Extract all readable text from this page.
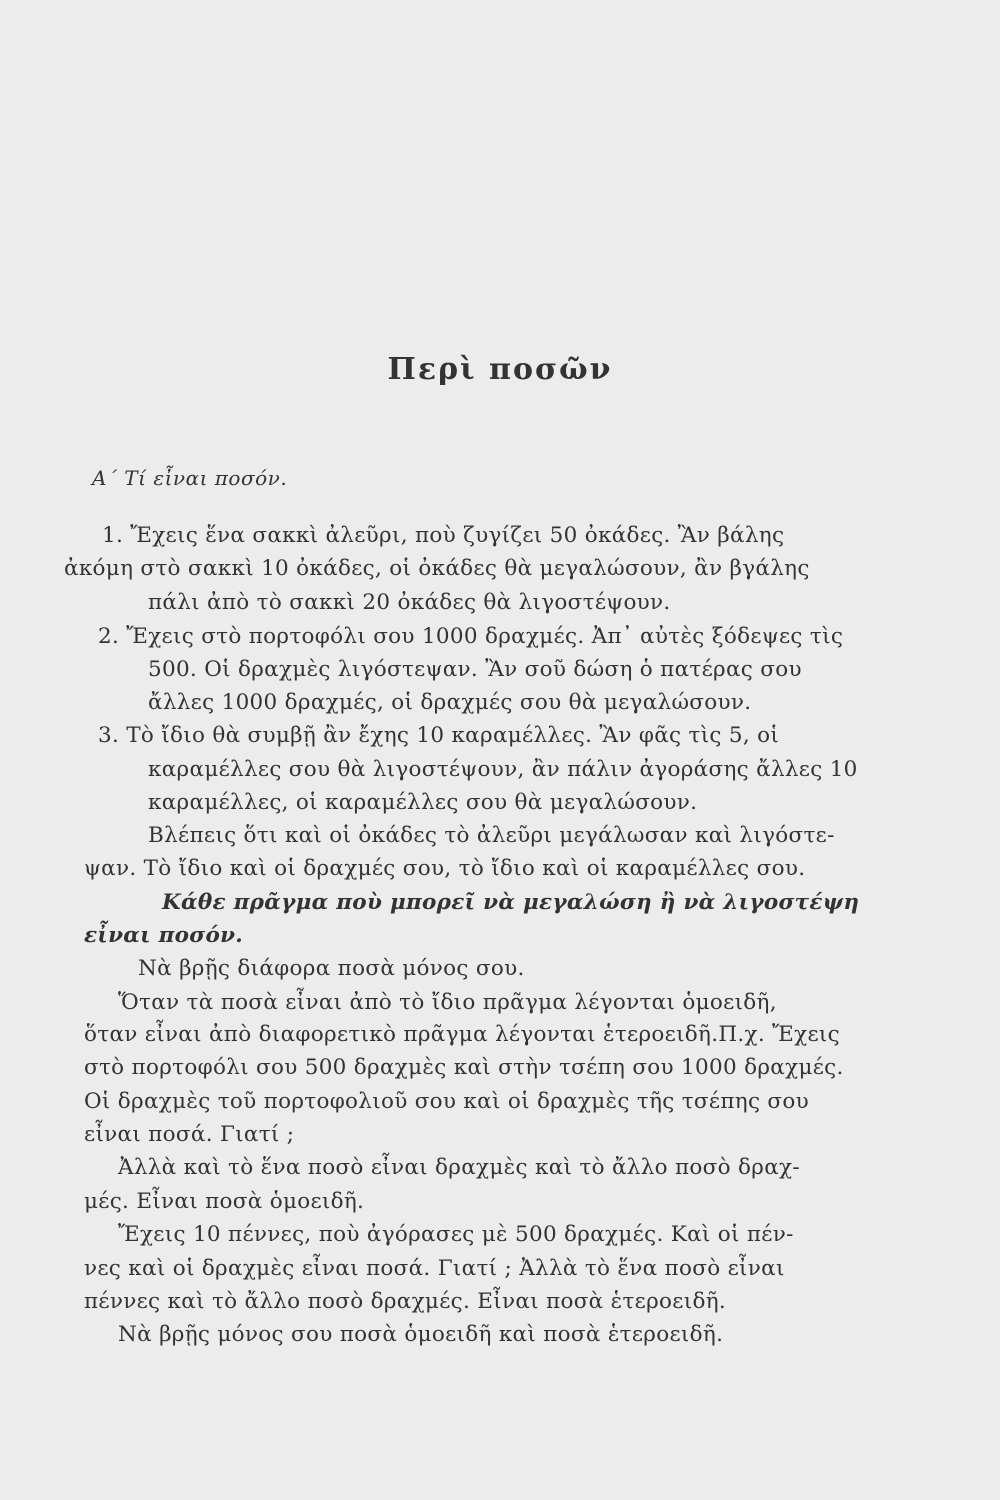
Περὶ ποσῶν
Α΄ Τί εἶναι ποσόν.
1. Ἔχεις ἕνα σακκὶ ἀλεῦρι, ποὺ ζυγίζει 50 ὀκάδες. Ἂν βάλης
ἀκόμη στὸ σακκὶ 10 ὀκάδες, οἱ ὀκάδες θὰ μεγαλώσουν, ἂν βγάλης
πάλι ἀπὸ τὸ σακκὶ 20 ὀκάδες θὰ λιγοστέψουν.
2. Ἔχεις στὸ πορτοφόλι σου 1000 δραχμές. Ἀπ᾿ αὐτὲς ξόδεψες τὶς
500. Οἱ δραχμὲς λιγόστεψαν. Ἂν σοῦ δώση ὁ πατέρας σου
ἄλλες 1000 δραχμές, οἱ δραχμές σου θὰ μεγαλώσουν.
3. Τὸ ἴδιο θὰ συμβῇ ἂν ἔχης 10 καραμέλλες. Ἂν φᾶς τὶς 5, οἱ
καραμέλλες σου θὰ λιγοστέψουν, ἂν πάλιν ἀγοράσης ἄλλες 10
καραμέλλες, οἱ καραμέλλες σου θὰ μεγαλώσουν.
Βλέπεις ὅτι καὶ οἱ ὀκάδες τὸ ἀλεῦρι μεγάλωσαν καὶ λιγόστε-
ψαν. Τὸ ἴδιο καὶ οἱ δραχμές σου, τὸ ἴδιο καὶ οἱ καραμέλλες σου.
Κάθε πρᾶγμα ποὺ μπορεῖ νὰ μεγαλώση ἢ νὰ λιγοστέψη
εἶναι ποσόν.
Νὰ βρῇς διάφορα ποσὰ μόνος σου.
Ὅταν τὰ ποσὰ εἶναι ἀπὸ τὸ ἴδιο πρᾶγμα λέγονται ὁμοειδῆ,
ὅταν εἶναι ἀπὸ διαφορετικὸ πρᾶγμα λέγονται ἑτεροειδῆ.Π.χ. Ἔχεις
στὸ πορτοφόλι σου 500 δραχμὲς καὶ στὴν τσέπη σου 1000 δραχμές.
Οἱ δραχμὲς τοῦ πορτοφολιοῦ σου καὶ οἱ δραχμὲς τῆς τσέπης σου
εἶναι ποσά. Γιατί ;
Ἀλλὰ καὶ τὸ ἕνα ποσὸ εἶναι δραχμὲς καὶ τὸ ἄλλο ποσὸ δραχ-
μές. Εἶναι ποσὰ ὁμοειδῆ.
Ἔχεις 10 πέννες, ποὺ ἀγόρασες μὲ 500 δραχμές. Καὶ οἱ πέν-
νες καὶ οἱ δραχμὲς εἶναι ποσά. Γιατί ; Ἀλλὰ τὸ ἕνα ποσὸ εἶναι
πέννες καὶ τὸ ἄλλο ποσὸ δραχμές. Εἶναι ποσὰ ἑτεροειδῆ.
Νὰ βρῇς μόνος σου ποσὰ ὁμοειδῆ καὶ ποσὰ ἑτεροειδῆ.
